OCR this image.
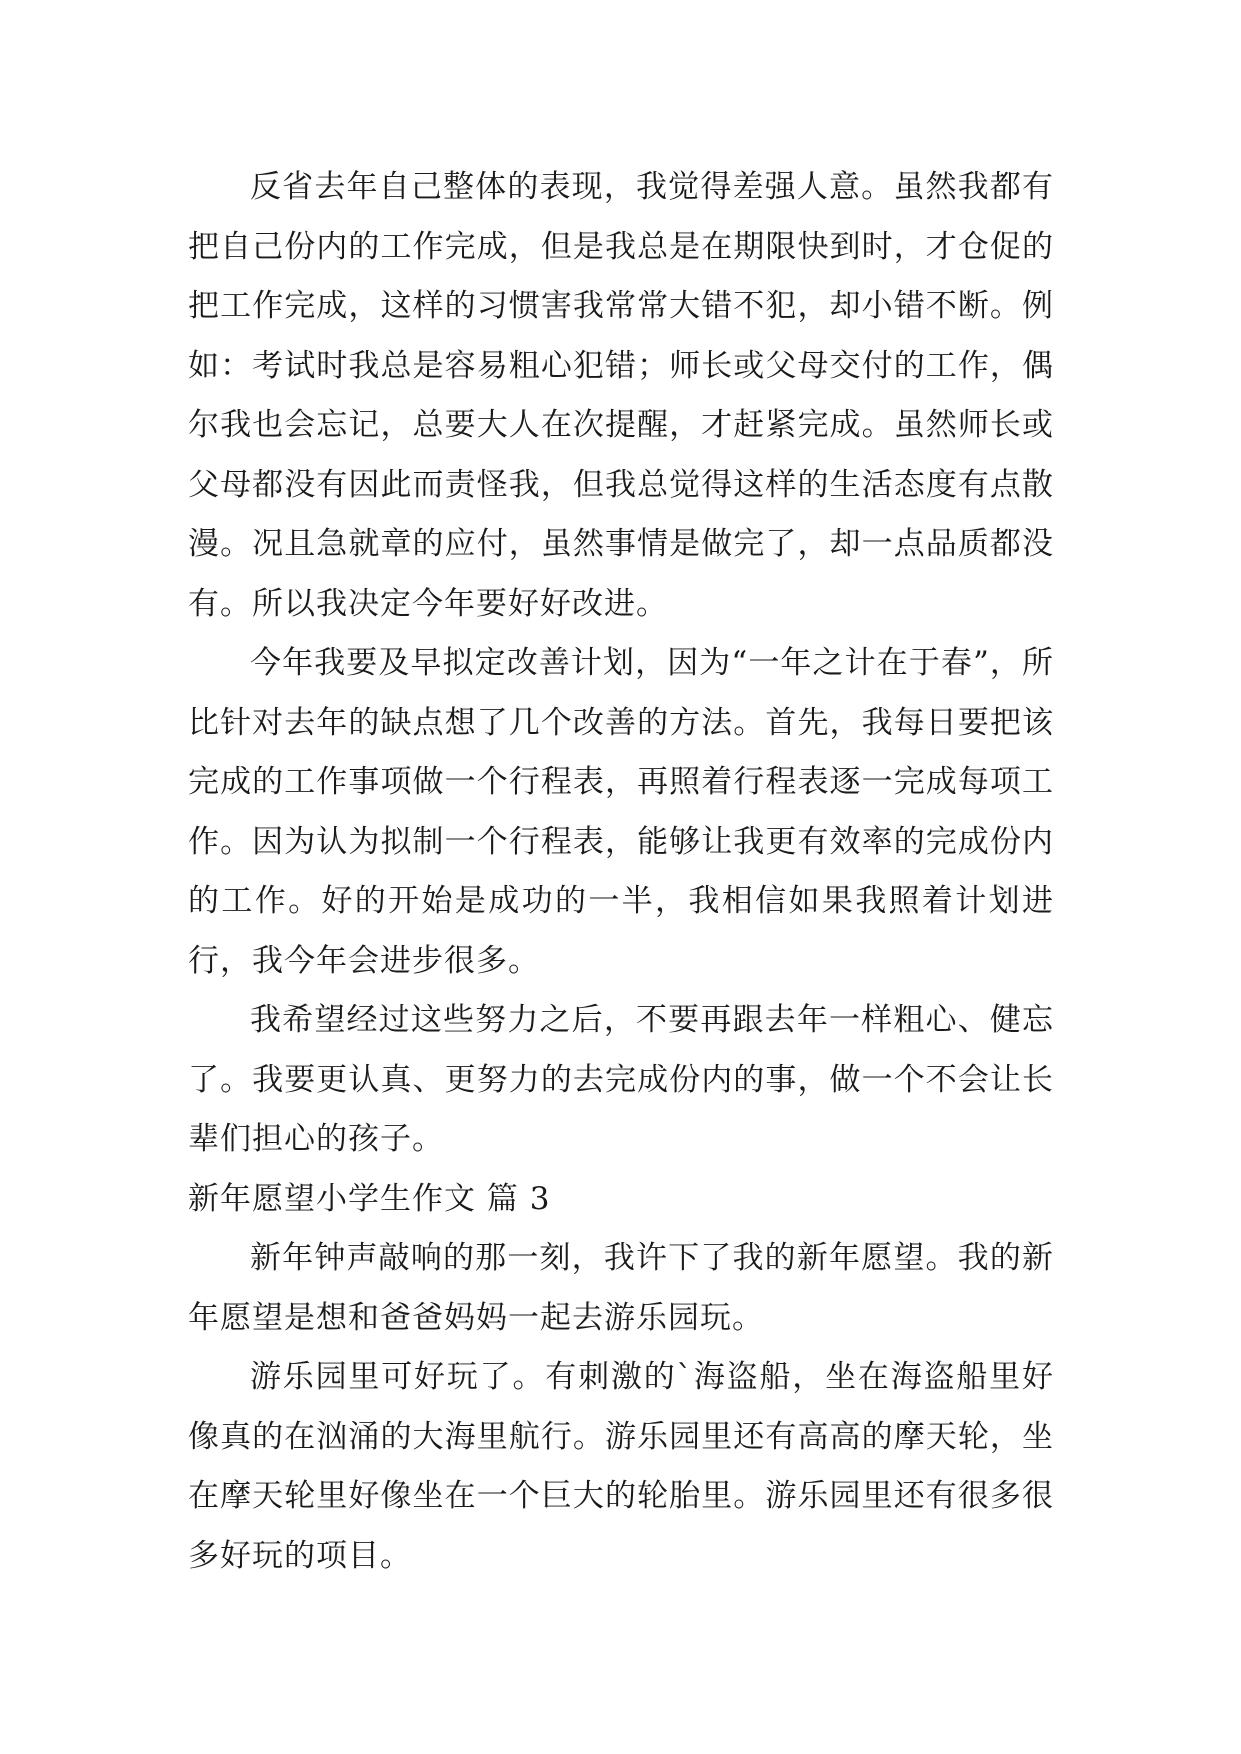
反省去年自己整体的表现，我觉得差强人意。虽然我都有把自己份内的工作完成，但是我总是在期限快到时，才仓促的把工作完成，这样的习惯害我常常大错不犯，却小错不断。例如：考试时我总是容易粗心犯错；师长或父母交付的工作，偶尔我也会忘记，总要大人在次提醒，才赶紧完成。虽然师长或父母都没有因此而责怪我，但我总觉得这样的生活态度有点散漫。况且急就章的应付，虽然事情是做完了，却一点品质都没有。所以我决定今年要好好改进。

今年我要及早拟定改善计划，因为“一年之计在于春”，所比针对去年的缺点想了几个改善的方法。首先，我每日要把该完成的工作事项做一个行程表，再照着行程表逐一完成每项工作。因为认为拟制一个行程表，能够让我更有效率的完成份内的工作。好的开始是成功的一半，我相信如果我照着计划进行，我今年会进步很多。

我希望经过这些努力之后，不要再跟去年一样粗心、健忘了。我要更认真、更努力的去完成份内的事，做一个不会让长辈们担心的孩子。

新年愿望小学生作文 篇 3

新年钟声敲响的那一刻，我许下了我的新年愿望。我的新年愿望是想和爸爸妈妈一起去游乐园玩。

游乐园里可好玩了。有刺激的`海盗船，坐在海盗船里好像真的在汹涌的大海里航行。游乐园里还有高高的摩天轮，坐在摩天轮里好像坐在一个巨大的轮胎里。游乐园里还有很多很多好玩的项目。
